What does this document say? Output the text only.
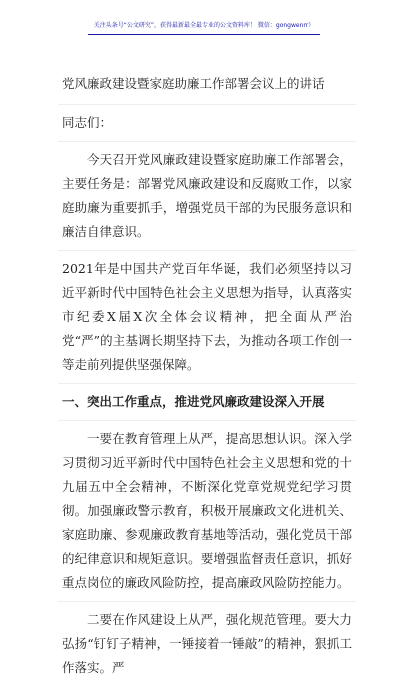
关注头条号“公文研究”，获得最新最全最专业的公文资料库！ 微信：gongwenrr）
党风廉政建设暨家庭助廉工作部署会议上的讲话
同志们：

今天召开党风廉政建设暨家庭助廉工作部署会，主要任务是：部署党风廉政建设和反腐败工作，以家庭助廉为重要抓手，增强党员干部的为民服务意识和廉洁自律意识。

2021年是中国共产党百年华诞，我们必须坚持以习近平新时代中国特色社会主义思想为指导，认真落实市纪委X届X次全体会议精神，把全面从严治党“严”的主基调长期坚持下去，为推动各项工作创一等走前列提供坚强保障。

一、突出工作重点，推进党风廉政建设深入开展

一要在教育管理上从严，提高思想认识。深入学习贯彻习近平新时代中国特色社会主义思想和党的十九届五中全会精神，不断深化党章党规党纪学习贯彻。加强廉政警示教育，积极开展廉政文化进机关、家庭助廉、参观廉政教育基地等活动，强化党员干部的纪律意识和规矩意识。要增强监督责任意识，抓好重点岗位的廉政风险防控，提高廉政风险防控能力。

二要在作风建设上从严，强化规范管理。要大力弘扬“钉钉子精神，一锤接着一锤敲”的精神，狠抓工作落实。严
